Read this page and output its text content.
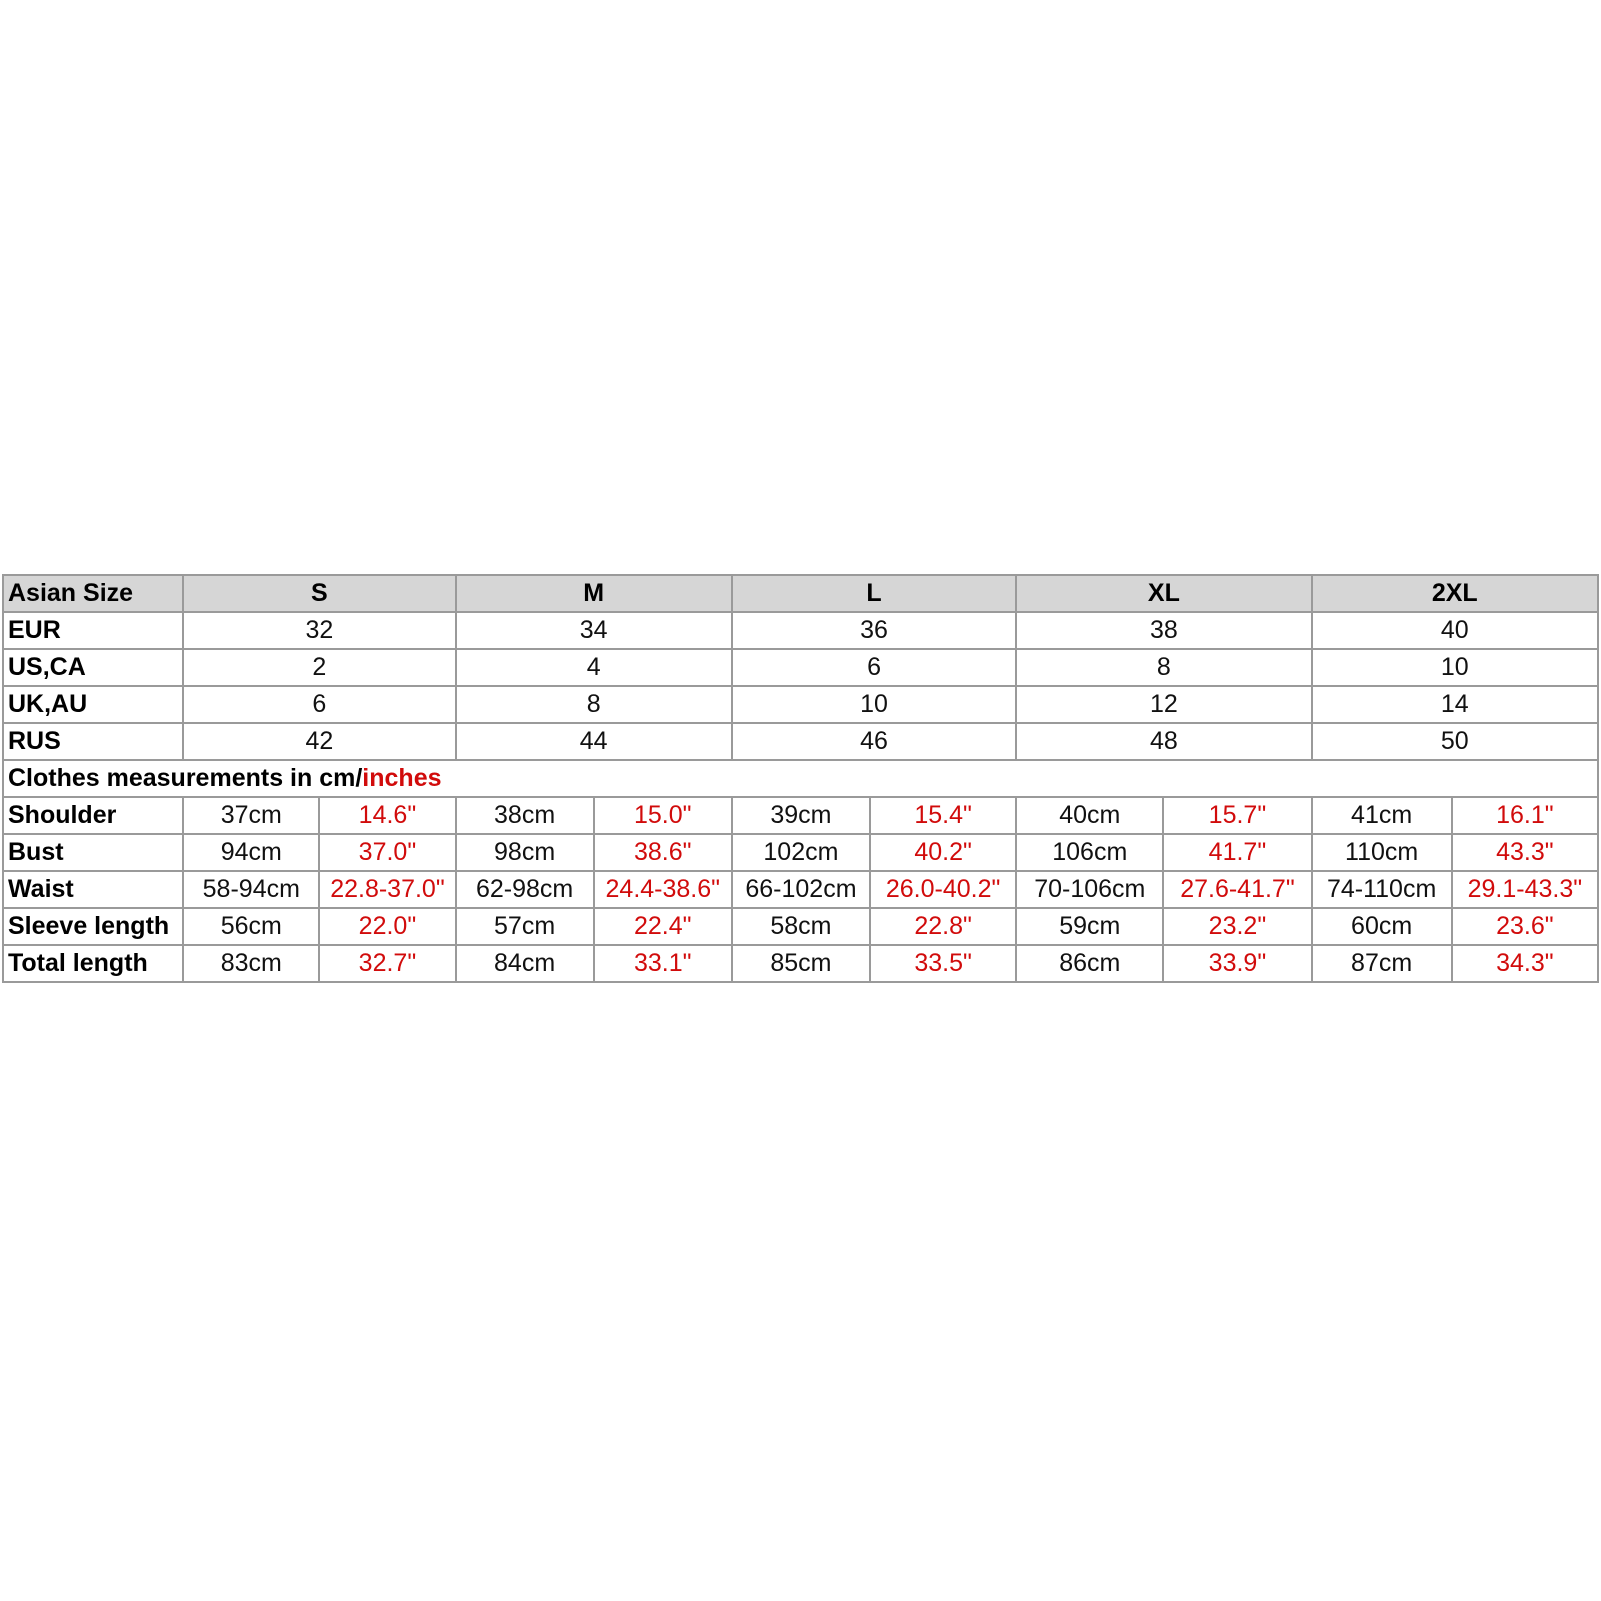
Asian Size	S		M		L		XL		2XL	
EUR	32		34		36		38		40	
US,CA	2		4		6		8		10	
UK,AU	6		8		10		12		14	
RUS	42		44		46		48		50	
Clothes measurements in cm/inches										
Shoulder	37cm	14.6"	38cm	15.0"	39cm	15.4"	40cm	15.7"	41cm	16.1"
Bust	94cm	37.0"	98cm	38.6"	102cm	40.2"	106cm	41.7"	110cm	43.3"
Waist	58-94cm	22.8-37.0"	62-98cm	24.4-38.6"	66-102cm	26.0-40.2"	70-106cm	27.6-41.7"	74-110cm	29.1-43.3"
Sleeve length	56cm	22.0"	57cm	22.4"	58cm	22.8"	59cm	23.2"	60cm	23.6"
Total length	83cm	32.7"	84cm	33.1"	85cm	33.5"	86cm	33.9"	87cm	34.3"
